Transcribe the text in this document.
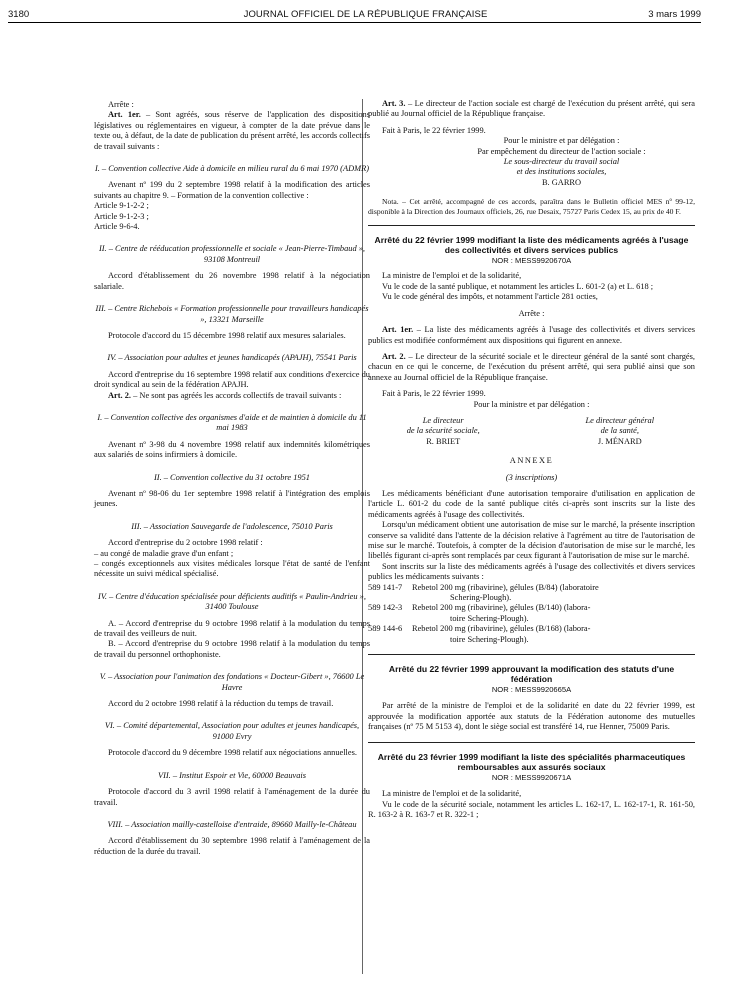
3180	JOURNAL OFFICIEL DE LA RÉPUBLIQUE FRANÇAISE	3 mars 1999

Arrête :

Art. 1er. – Sont agréés, sous réserve de l'application des dispositions législatives ou réglementaires en vigueur, à compter de la date prévue dans le texte ou, à défaut, de la date de publication du présent arrêté, les accords collectifs de travail suivants :

I. – Convention collective Aide à domicile en milieu rural du 6 mai 1970 (ADMR)

Avenant nº 199 du 2 septembre 1998 relatif à la modification des articles suivants au chapitre 9. – Formation de la convention collective :

Article 9-1-2-2 ;

Article 9-1-2-3 ;

Article 9-6-4.

II. – Centre de rééducation professionnelle et sociale « Jean-Pierre-Timbaud », 93108 Montreuil

Accord d'établissement du 26 novembre 1998 relatif à la négociation salariale.

III. – Centre Richebois « Formation professionnelle pour travailleurs handicapés », 13321 Marseille

Protocole d'accord du 15 décembre 1998 relatif aux mesures salariales.

IV. – Association pour adultes et jeunes handicapés (APAJH), 75541 Paris

Accord d'entreprise du 16 septembre 1998 relatif aux conditions d'exercice du droit syndical au sein de la fédération APAJH.

Art. 2. – Ne sont pas agréés les accords collectifs de travail suivants :

I. – Convention collective des organismes d'aide et de maintien à domicile du 11 mai 1983

Avenant nº 3-98 du 4 novembre 1998 relatif aux indemnités kilométriques aux salariés de soins infirmiers à domicile.

II. – Convention collective du 31 octobre 1951

Avenant nº 98-06 du 1er septembre 1998 relatif à l'intégration des emplois jeunes.

III. – Association Sauvegarde de l'adolescence, 75010 Paris

Accord d'entreprise du 2 octobre 1998 relatif :

– au congé de maladie grave d'un enfant ;

– congés exceptionnels aux visites médicales lorsque l'état de santé de l'enfant nécessite un suivi médical spécialisé.

IV. – Centre d'éducation spécialisée pour déficients auditifs « Paulin-Andrieu », 31400 Toulouse

A. – Accord d'entreprise du 9 octobre 1998 relatif à la modulation du temps de travail des veilleurs de nuit.

B. – Accord d'entreprise du 9 octobre 1998 relatif à la modulation du temps de travail du personnel orthophoniste.

V. – Association pour l'animation des fondations « Docteur-Gibert », 76600 Le Havre

Accord du 2 octobre 1998 relatif à la réduction du temps de travail.

VI. – Comité départemental, Association pour adultes et jeunes handicapés, 91000 Evry

Protocole d'accord du 9 décembre 1998 relatif aux négociations annuelles.

VII. – Institut Espoir et Vie, 60000 Beauvais

Protocole d'accord du 3 avril 1998 relatif à l'aménagement de la durée du travail.

VIII. – Association mailly-castelloise d'entraide, 89660 Mailly-le-Château

Accord d'établissement du 30 septembre 1998 relatif à l'aménagement de la réduction de la durée du travail.

Art. 3. – Le directeur de l'action sociale est chargé de l'exécution du présent arrêté, qui sera publié au Journal officiel de la République française.

Fait à Paris, le 22 février 1999.

Pour le ministre et par délégation :

Par empêchement du directeur de l'action sociale :

Le sous-directeur du travail social

et des institutions sociales,

B. GARRO

Nota. – Cet arrêté, accompagné de ces accords, paraîtra dans le Bulletin officiel MES nº 99-12, disponible à la Direction des Journaux officiels, 26, rue Desaix, 75727 Paris Cedex 15, au prix de 40 F.

Arrêté du 22 février 1999 modifiant la liste des médicaments agréés à l'usage des collectivités et divers services publics

NOR : MESS9920670A

La ministre de l'emploi et de la solidarité,

Vu le code de la santé publique, et notamment les articles L. 601-2 (a) et L. 618 ;

Vu le code général des impôts, et notamment l'article 281 octies,

Arrête :

Art. 1er. – La liste des médicaments agréés à l'usage des collectivités et divers services publics est modifiée conformément aux dispositions qui figurent en annexe.

Art. 2. – Le directeur de la sécurité sociale et le directeur général de la santé sont chargés, chacun en ce qui le concerne, de l'exécution du présent arrêté, qui sera publié ainsi que son annexe au Journal officiel de la République française.

Fait à Paris, le 22 février 1999.

Pour la ministre et par délégation :

Le directeur

de la sécurité sociale,

R. BRIET

Le directeur général

de la santé,

J. MÉNARD

ANNEXE

(3 inscriptions)

Les médicaments bénéficiant d'une autorisation temporaire d'utilisation en application de l'article L. 601-2 du code de la santé publique cités ci-après sont inscrits sur la liste des médicaments agréés à l'usage des collectivités.

Lorsqu'un médicament obtient une autorisation de mise sur le marché, la présente inscription conserve sa validité dans l'attente de la décision relative à l'agrément au titre de l'autorisation de mise sur le marché. Toutefois, à compter de la décision d'autorisation de mise sur le marché, les libellés figurant ci-après sont remplacés par ceux figurant à l'autorisation de mise sur le marché.

Sont inscrits sur la liste des médicaments agréés à l'usage des collectivités et divers services publics les médicaments suivants :

589 141-7	Rebetol 200 mg (ribavirine), gélules (B/84) (laboratoire
Schering-Plough).
589 142-3	Rebetol 200 mg (ribavirine), gélules (B/140) (labora-
toire Schering-Plough).
589 144-6	Rebetol 200 mg (ribavirine), gélules (B/168) (labora-
toire Schering-Plough).

Arrêté du 22 février 1999 approuvant la modification des statuts d'une fédération

NOR : MESS9920665A

Par arrêté de la ministre de l'emploi et de la solidarité en date du 22 février 1999, est approuvée la modification apportée aux statuts de la Fédération autonome des mutuelles françaises (nº 75 M 5153 4), dont le siège social est transféré 14, rue Henner, 75009 Paris.

Arrêté du 23 février 1999 modifiant la liste des spécialités pharmaceutiques remboursables aux assurés sociaux

NOR : MESS9920671A

La ministre de l'emploi et de la solidarité,

Vu le code de la sécurité sociale, notamment les articles L. 162-17, L. 162-17-1, R. 161-50, R. 163-2 à R. 163-7 et R. 322-1 ;
